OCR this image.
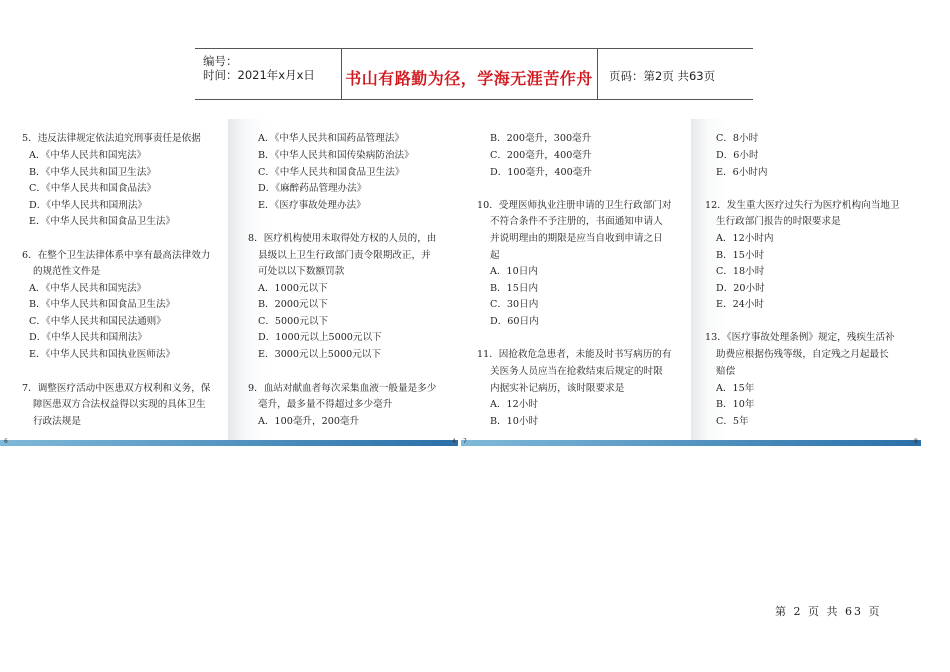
编号：
时间：2021年x月x日 书山有路勤为径，学海无涯苦作舟	页码：第2页 共63页
6	4 7	8
5．违反法律规定依法追究刑事责任是依据
A．《中华人民共和国宪法》
B．《中华人民共和国卫生法》
C．《中华人民共和国食品法》
D．《中华人民共和国刑法》
E．《中华人民共和国食品卫生法》
6．在整个卫生法律体系中享有最高法律效力
的规范性文件是
A．《中华人民共和国宪法》
B．《中华人民共和国食品卫生法》
C．《中华人民共和国民法通则》
D．《中华人民共和国刑法》
E．《中华人民共和国执业医师法》
7．调整医疗活动中医患双方权利和义务，保
障医患双方合法权益得以实现的具体卫生
行政法规是
A．《中华人民共和国药品管理法》
B．《中华人民共和国传染病防治法》
C．《中华人民共和国食品卫生法》
D．《麻醉药品管理办法》
E．《医疗事故处理办法》
8．医疗机构使用未取得处方权的人员的，由
县级以上卫生行政部门责令限期改正，并
可处以以下数额罚款
A．1000元以下
B．2000元以下
C．5000元以下
D．1000元以上5000元以下
E．3000元以上5000元以下
9．血站对献血者每次采集血液一般量是多少
毫升，最多量不得超过多少毫升
A．100毫升，200毫升
B．200毫升，300毫升
C．200毫升，400毫升
D．100毫升，400毫升
10．受理医师执业注册申请的卫生行政部门对
不符合条件不予注册的，书面通知申请人
并说明理由的期限是应当自收到申请之日
起
A．10日内
B．15日内
C．30日内
D．60日内
11．因抢救危急患者，未能及时书写病历的有
关医务人员应当在抢救结束后规定的时限
内据实补记病历，该时限要求是
A．12小时
B．10小时
C．8小时
D．6小时
E．6小时内
12．发生重大医疗过失行为医疗机构向当地卫
生行政部门报告的时限要求是
A．12小时内
B．15小时
C．18小时
D．20小时
E．24小时
13．《医疗事故处理条例》规定，残疾生活补
助费应根据伤残等级，自定残之月起最长
赔偿
A．15年
B．10年
C．5年
第 2 页 共 63 页
